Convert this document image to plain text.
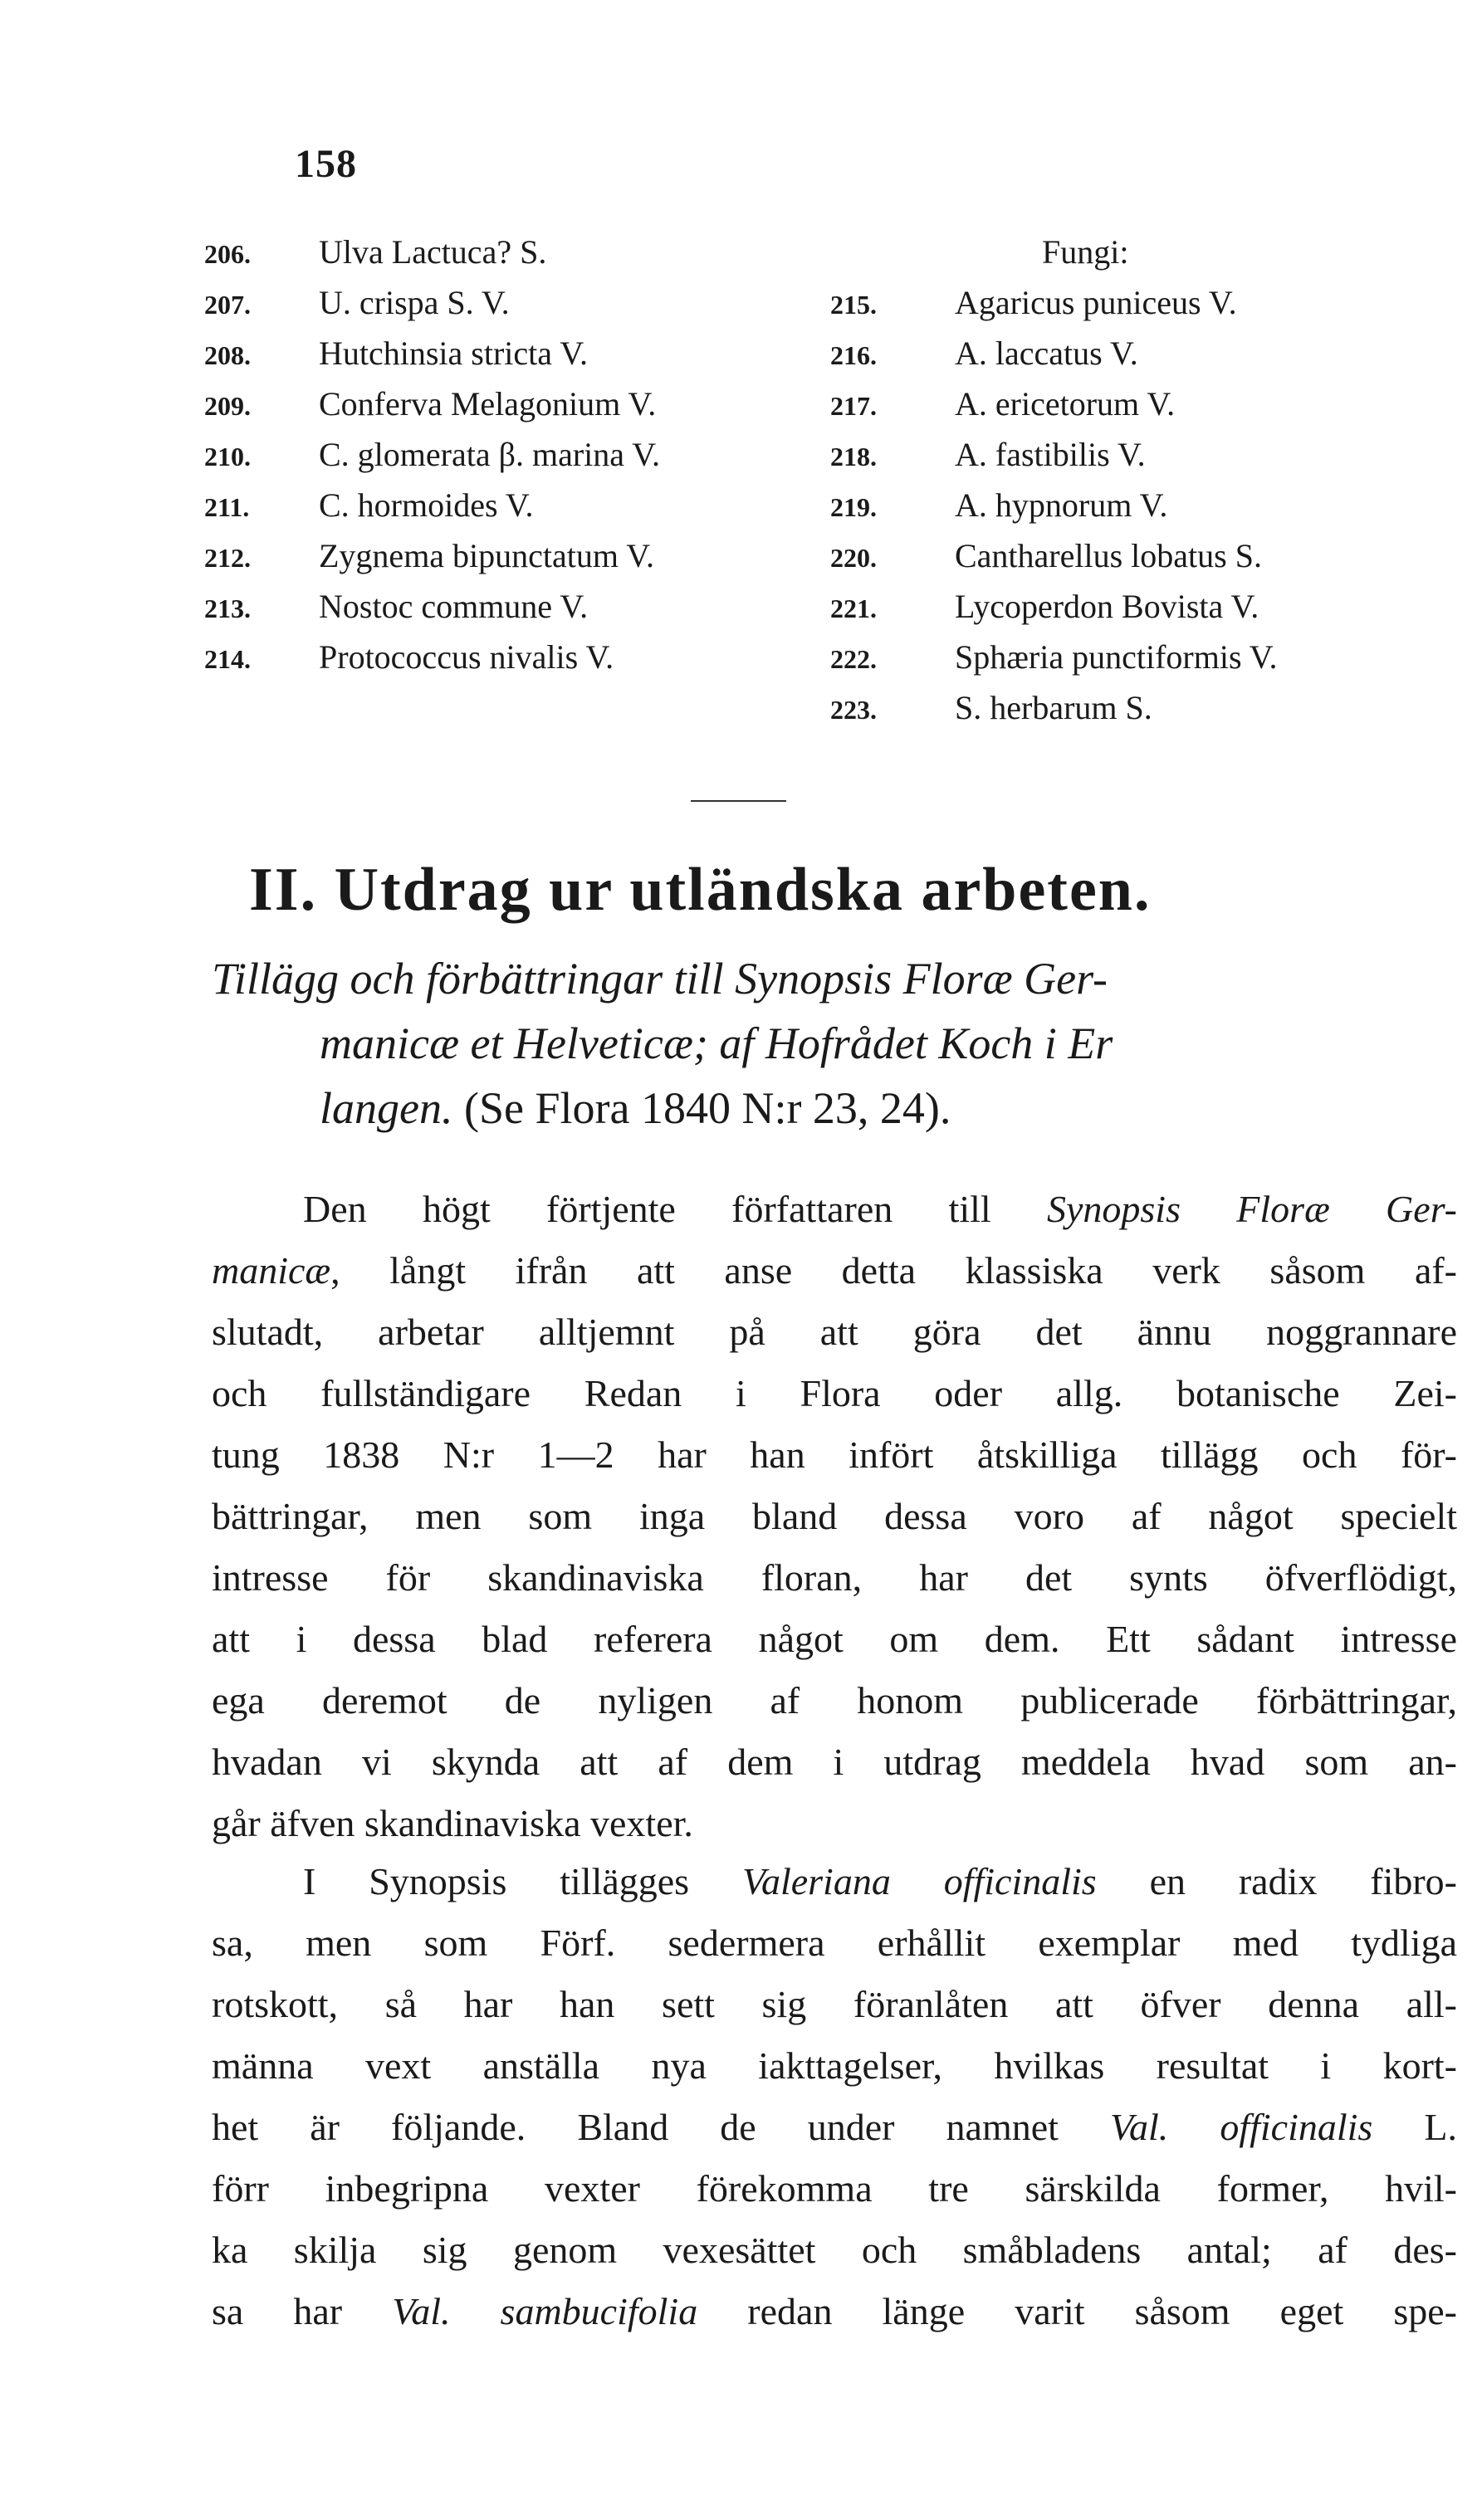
158
206.	Ulva Lactuca? S.
207.	U. crispa S. V.
208.	Hutchinsia stricta V.
209.	Conferva Melagonium V.
210.	C. glomerata β. marina V.
211.	C. hormoides V.
212.	Zygnema bipunctatum V.
213.	Nostoc commune V.
214.	Protococcus nivalis V.
Fungi:
215.	Agaricus puniceus V.
216.	A. laccatus V.
217.	A. ericetorum V.
218.	A. fastibilis V.
219.	A. hypnorum V.
220.	Cantharellus lobatus S.
221.	Lycoperdon Bovista V.
222.	Sphæria punctiformis V.
223.	S. herbarum S.
II. Utdrag ur utländska arbeten.
Tillägg och förbättringar till Synopsis Floræ Ger-
manicæ et Helveticæ; af Hofrådet Koch i Er
langen. (Se Flora 1840 N:r 23, 24).
Den högt förtjente författaren till Synopsis Floræ Ger-
manicæ, långt ifrån att anse detta klassiska verk såsom af-
slutadt, arbetar alltjemnt på att göra det ännu noggrannare
och fullständigare Redan i Flora oder allg. botanische Zei-
tung 1838 N:r 1—2 har han infört åtskilliga tillägg och för-
bättringar, men som inga bland dessa voro af något specielt
intresse för skandinaviska floran, har det synts öfverflödigt,
att i dessa blad referera något om dem. Ett sådant intresse
ega deremot de nyligen af honom publicerade förbättringar,
hvadan vi skynda att af dem i utdrag meddela hvad som an-
går äfven skandinaviska vexter.
I Synopsis tillägges Valeriana officinalis en radix fibro-
sa, men som Förf. sedermera erhållit exemplar med tydliga
rotskott, så har han sett sig föranlåten att öfver denna all-
männa vext anställa nya iakttagelser, hvilkas resultat i kort-
het är följande. Bland de under namnet Val. officinalis L.
förr inbegripna vexter förekomma tre särskilda former, hvil-
ka skilja sig genom vexesättet och småbladens antal; af des-
sa har Val. sambucifolia redan länge varit såsom eget spe-
